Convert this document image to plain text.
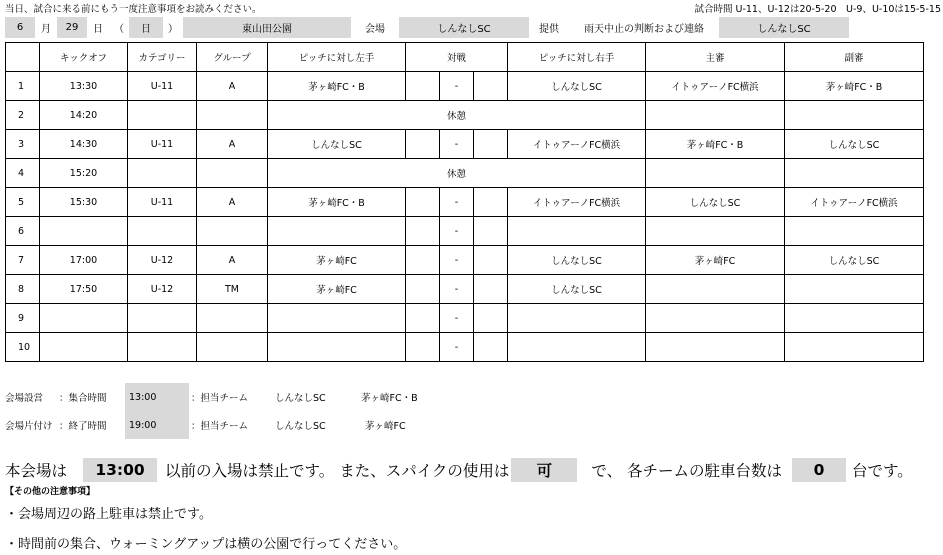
当日、試合に来る前にもう一度注意事項をお読みください。	試合時間 U-11、U-12は20-5-20　U-9、U-10は15-5-15
6	月	29	日	（	日	）	東山田公園	会場	しんなしSC	提供	雨天中止の判断および連絡	しんなしSC
	キックオフ	カテゴリー	グループ	ピッチに対し左手	対戦			ピッチに対し右手	主審	副審
1	13:30	U-11	A	茅ヶ崎FC・B		-		しんなしSC	イトゥアーノFC横浜	茅ヶ崎FC・B
2	14:20			休憩						
3	14:30	U-11	A	しんなしSC		-		イトゥアーノFC横浜	茅ヶ崎FC・B	しんなしSC
4	15:20			休憩						
5	15:30	U-11	A	茅ヶ崎FC・B		-		イトゥアーノFC横浜	しんなしSC	イトゥアーノFC横浜
6						-				
7	17:00	U-12	A	茅ヶ崎FC		-		しんなしSC	茅ヶ崎FC	しんなしSC
8	17:50	U-12	TM	茅ヶ崎FC		-		しんなしSC		
9						-				
10						-				
会場設営	：集合時間	13:00	：担当チーム	しんなしSC	茅ヶ崎FC・B
会場片付け ：終了時間	19:00	：担当チーム	しんなしSC	茅ヶ崎FC
本会場は	13:00	以前の入場は禁止です。 また、スパイクの使用は	可	で、 各チームの駐車台数は	0	台です。
【その他の注意事項】
・会場周辺の路上駐車は禁止です。
・時間前の集合、ウォーミングアップは横の公園で行ってください。
